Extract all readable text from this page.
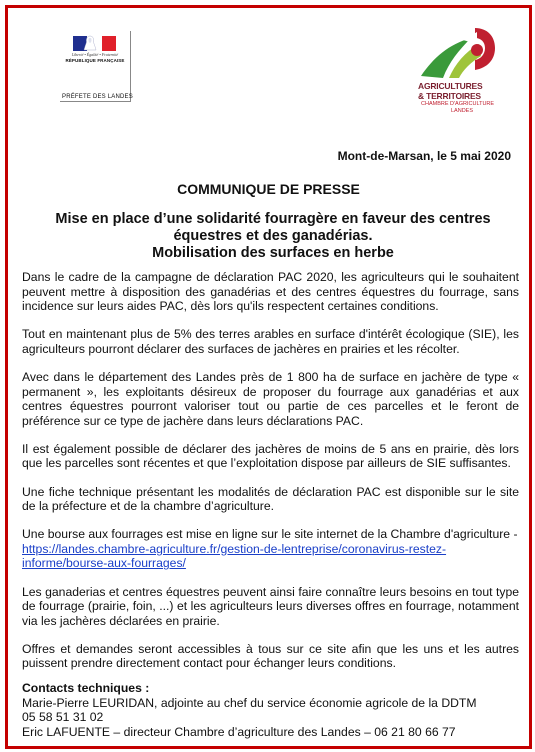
Liberté • Égalité • Fraternité
RÉPUBLIQUE FRANÇAISE
PRÉFETE DES LANDES
AGRICULTURES
& TERRITOIRES
CHAMBRE D'AGRICULTURE
LANDES
Mont-de-Marsan, le 5 mai 2020
COMMUNIQUE DE PRESSE
Mise en place d’une solidarité fourragère en faveur des centres
équestres et des ganadérias.
Mobilisation des surfaces en herbe

Dans le cadre de la campagne de déclaration PAC 2020, les agriculteurs qui le souhaitent peuvent mettre à disposition des ganadérias et des centres équestres du fourrage, sans incidence sur leurs aides PAC, dès lors qu'ils respectent certaines conditions.

Tout en maintenant plus de 5% des terres arables en surface d'intérêt écologique (SIE), les agriculteurs pourront déclarer des surfaces de jachères en prairies et les récolter.

Avec dans le département des Landes près de 1 800 ha de surface en jachère de type « permanent », les exploitants désireux de proposer du fourrage aux ganadérias et aux centres équestres pourront valoriser tout ou partie de ces parcelles et le feront de préférence sur ce type de jachère dans leurs déclarations PAC.

Il est également possible de déclarer des jachères de moins de 5 ans en prairie, dès lors que les parcelles sont récentes et que l’exploitation dispose par ailleurs de SIE suffisantes.

Une fiche technique présentant les modalités de déclaration PAC est disponible sur le site de la préfecture et de la chambre d’agriculture.

Une bourse aux fourrages est mise en ligne sur le site internet de la Chambre d'agriculture - https://landes.chambre-agriculture.fr/gestion-de-lentreprise/coronavirus-restez-informe/bourse-aux-fourrages/

Les ganaderias et centres équestres peuvent ainsi faire connaître leurs besoins en tout type de fourrage (prairie, foin, ...) et les agriculteurs leurs diverses offres en fourrage, notamment via les jachères déclarées en prairie.

Offres et demandes seront accessibles à tous sur ce site afin que les uns et les autres puissent prendre directement contact pour échanger leurs conditions.

Contacts techniques :
Marie-Pierre LEURIDAN, adjointe au chef du service économie agricole de la DDTM
05 58 51 31 02
Eric LAFUENTE – directeur Chambre d’agriculture des Landes – 06 21 80 66 77
